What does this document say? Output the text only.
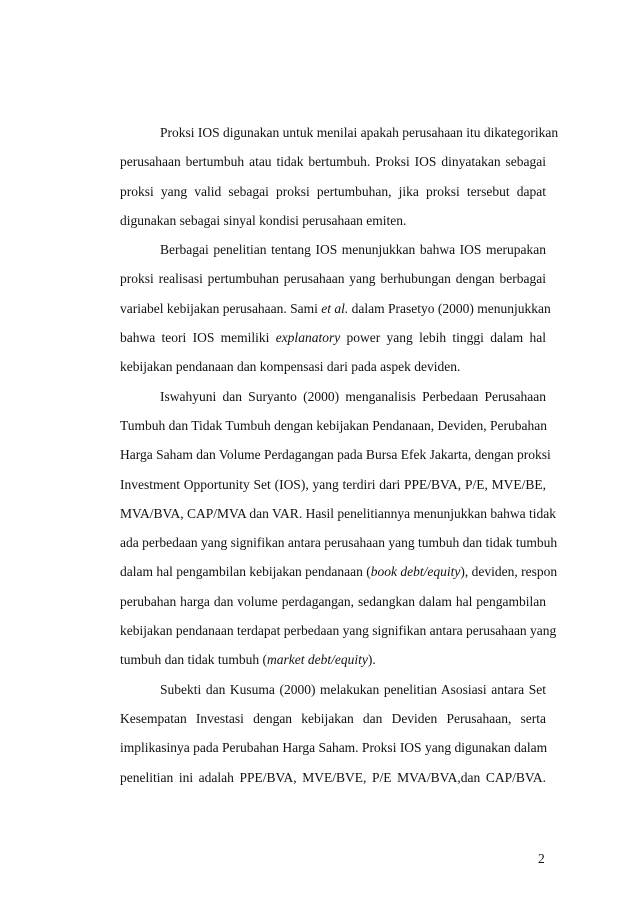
Proksi IOS digunakan untuk menilai apakah perusahaan itu dikategorikan
perusahaan bertumbuh atau tidak bertumbuh. Proksi IOS dinyatakan sebagai
proksi yang valid sebagai proksi pertumbuhan, jika proksi tersebut dapat
digunakan sebagai sinyal kondisi perusahaan emiten.
Berbagai penelitian tentang IOS menunjukkan bahwa IOS merupakan
proksi realisasi pertumbuhan perusahaan yang berhubungan dengan berbagai
variabel kebijakan perusahaan. Sami et al. dalam Prasetyo (2000) menunjukkan
bahwa teori IOS memiliki explanatory power yang lebih tinggi dalam hal
kebijakan pendanaan dan kompensasi dari pada aspek deviden.
Iswahyuni dan Suryanto (2000) menganalisis Perbedaan Perusahaan
Tumbuh dan Tidak Tumbuh dengan kebijakan Pendanaan, Deviden, Perubahan
Harga Saham dan Volume Perdagangan pada Bursa Efek Jakarta, dengan proksi
Investment Opportunity Set (IOS), yang terdiri dari PPE/BVA, P/E, MVE/BE,
MVA/BVA, CAP/MVA dan VAR. Hasil penelitiannya menunjukkan bahwa tidak
ada perbedaan yang signifikan antara perusahaan yang tumbuh dan tidak tumbuh
dalam hal pengambilan kebijakan pendanaan (book debt/equity), deviden, respon
perubahan harga dan volume perdagangan, sedangkan dalam hal pengambilan
kebijakan pendanaan terdapat perbedaan yang signifikan antara perusahaan yang
tumbuh dan tidak tumbuh (market debt/equity).
Subekti dan Kusuma (2000) melakukan penelitian Asosiasi antara Set
Kesempatan Investasi dengan kebijakan dan Deviden Perusahaan, serta
implikasinya pada Perubahan Harga Saham. Proksi IOS yang digunakan dalam
penelitian ini adalah PPE/BVA, MVE/BVE, P/E MVA/BVA,dan CAP/BVA.
2
